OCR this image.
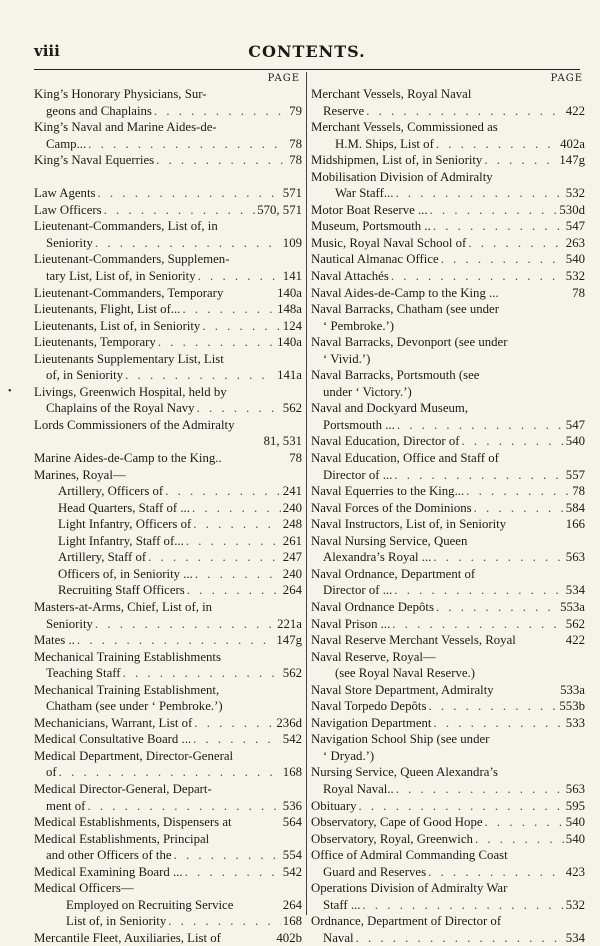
viii	CONTENTS.
PAGE
King’s Honorary Physicians, Sur-
geons and Chaplains . . .	79
King’s Naval and Marine Aides-de-
Camp... . . .	78
King’s Naval Equerries . . .	78
Law Agents . . .	571
Law Officers . . .	570, 571
Lieutenant-Commanders, List of, in
Seniority . . .	109
Lieutenant-Commanders, Supplemen-
tary List, List of, in Seniority . . .	141
Lieutenant-Commanders, Temporary	140a
Lieutenants, Flight, List of... . . .	148a
Lieutenants, List of, in Seniority . . .	124
Lieutenants, Temporary . . .	140a
Lieutenants Supplementary List, List
of, in Seniority . . .	141a
• Livings, Greenwich Hospital, held by
Chaplains of the Royal Navy . . .	562
Lords Commissioners of the Admiralty
81, 531
Marine Aides-de-Camp to the King..	78
Marines, Royal—
Artillery, Officers of . . .	241
Head Quarters, Staff of ... . . .	240
Light Infantry, Officers of . . .	248
Light Infantry, Staff of... . . .	261
Artillery, Staff of . . .	247
Officers of, in Seniority ... . . .	240
Recruiting Staff Officers . . .	264
Masters-at-Arms, Chief, List of, in
Seniority . . .	221a
Mates .. . . .	147g
Mechanical Training Establishments
Teaching Staff . . .	562
Mechanical Training Establishment,
Chatham (see under ‘ Pembroke.’)
Mechanicians, Warrant, List of . . .	236d
Medical Consultative Board ... . . .	542
Medical Department, Director-General
of . . .	168
Medical Director-General, Depart-
ment of . . .	536
Medical Establishments, Dispensers at	564
Medical Establishments, Principal
and other Officers of the . . .	554
Medical Examining Board ... . . .	542
Medical Officers—
Employed on Recruiting Service	264
List of, in Seniority . . .	168
Mercantile Fleet, Auxiliaries, List of	402b
PAGE
Merchant Vessels, Royal Naval
Reserve . . .	422
Merchant Vessels, Commissioned as
H.M. Ships, List of . . .	402a
Midshipmen, List of, in Seniority . . .	147g
Mobilisation Division of Admiralty
War Staff... . . .	532
Motor Boat Reserve ... . . .	530d
Museum, Portsmouth .. . . .	547
Music, Royal Naval School of . . .	263
Nautical Almanac Office . . .	540
Naval Attachés . . .	532
Naval Aides-de-Camp to the King ...	78
Naval Barracks, Chatham (see under
‘ Pembroke.’)
Naval Barracks, Devonport (see under
‘ Vivid.’)
Naval Barracks, Portsmouth (see
under ‘ Victory.’)
Naval and Dockyard Museum,
Portsmouth ... . . .	547
Naval Education, Director of . . .	540
Naval Education, Office and Staff of
Director of ... . . .	557
Naval Equerries to the King... . . .	78
Naval Forces of the Dominions . . .	584
Naval Instructors, List of, in Seniority	166
Naval Nursing Service, Queen
Alexandra’s Royal ... . . .	563
Naval Ordnance, Department of
Director of ... . . .	534
Naval Ordnance Depôts . . .	553a
Naval Prison ... . . .	562
Naval Reserve Merchant Vessels, Royal	422
Naval Reserve, Royal—
(see Royal Naval Reserve.)
Naval Store Department, Admiralty	533a
Naval Torpedo Depôts . . .	553b
Navigation Department . . .	533
Navigation School Ship (see under
‘ Dryad.’)
Nursing Service, Queen Alexandra’s
Royal Naval.. . . .	563
Obituary . . .	595
Observatory, Cape of Good Hope . . .	540
Observatory, Royal, Greenwich . . .	540
Office of Admiral Commanding Coast
Guard and Reserves . . .	423
Operations Division of Admiralty War
Staff ... . . .	532
Ordnance, Department of Director of
Naval . . .	534
